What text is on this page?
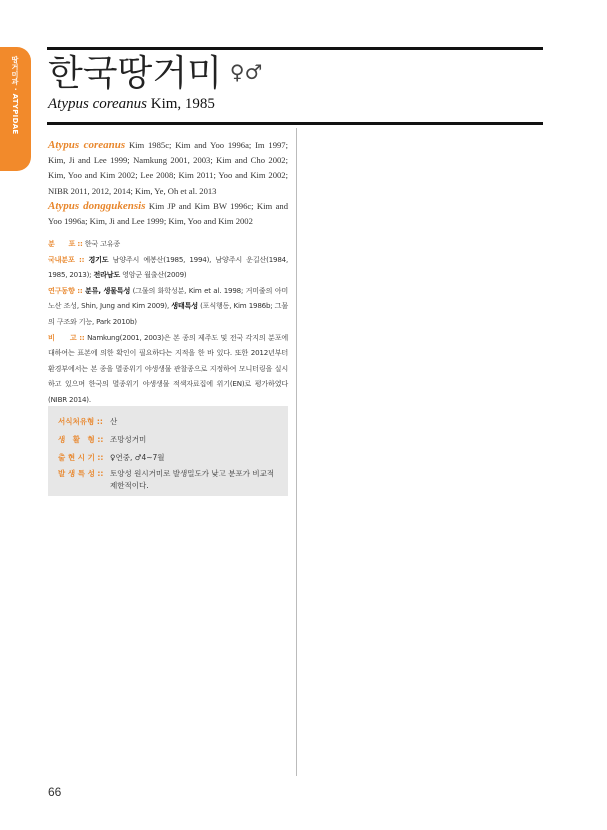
땅거미과 · ATYPIDAE 한국땅거미 ♀♂
Atypus coreanus Kim, 1985
Atypus coreanus Kim 1985c; Kim and Yoo 1996a; Im 1997; Kim, Ji and Lee 1999; Namkung 2001, 2003; Kim and Cho 2002; Kim, Yoo and Kim 2002; Lee 2008; Kim 2011; Yoo and Kim 2002; NIBR 2011, 2012, 2014; Kim, Ye, Oh et al. 2013
Atypus donggukensis Kim JP and Kim BW 1996c; Kim and Yoo 1996a; Kim, Ji and Lee 1999; Kim, Yoo and Kim 2002

분　　포 :: 한국 고유종

국내분포 :: 경기도 남양주시 예봉산(1985, 1994), 남양주시 운길산(1984, 1985, 2013); 전라남도 영암군 월출산(2009)

연구동향 :: 분류, 생물특성 (그물의 화학성분, Kim et al. 1998; 거미줄의 아미노산 조성, Shin, Jung and Kim 2009), 생태특성 (포식행동, Kim 1986b; 그물의 구조와 기능, Park 2010b)

비　　고 :: Namkung(2001, 2003)은 본 종의 제주도 및 전국 각지의 분포에 대하여는 표본에 의한 확인이 필요하다는 지적을 한 바 있다. 또한 2012년부터 환경부에서는 본 종을 멸종위기 야생생물 관찰종으로 지정하여 모니터링을 실시하고 있으며 한국의 멸종위기 야생생물 적색자료집에 위기(EN)로 평가하였다(NIBR 2014).

서식처유형 :: 산
생　활　형 :: 조망성거미
출 현 시 기 :: ♀연중, ♂4~7월
발 생 특 성 :: 토양성 원시거미로 발생밀도가 낮고 분포가 비교적 제한적이다.
66
